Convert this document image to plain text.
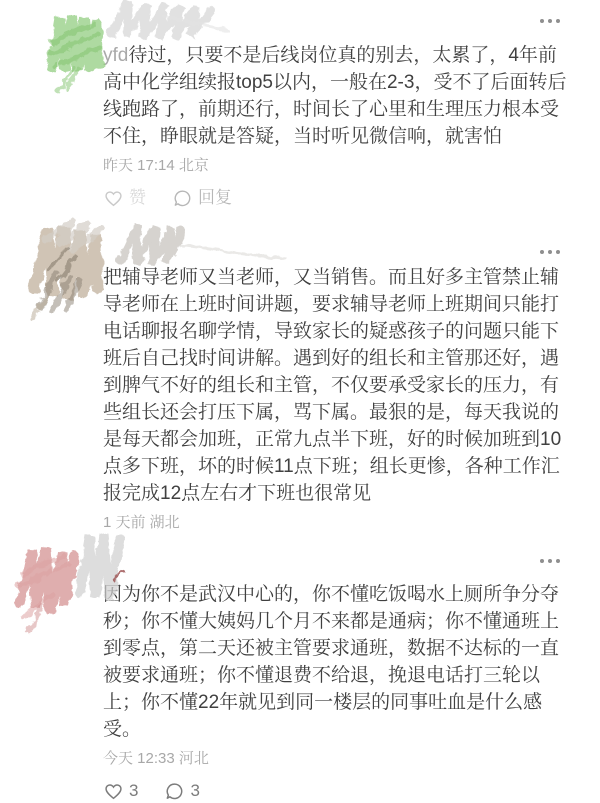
yfd待过，只要不是后线岗位真的别去，太累了，4年前高中化学组续报top5以内，一般在2-3，受不了后面转后线跑路了，前期还行，时间长了心里和生理压力根本受不住，睁眼就是答疑，当时听见微信响，就害怕

昨天 17:14 北京
赞	回复

把辅导老师又当老师，又当销售。而且好多主管禁止辅导老师在上班时间讲题，要求辅导老师上班期间只能打电话聊报名聊学情，导致家长的疑惑孩子的问题只能下班后自己找时间讲解。遇到好的组长和主管那还好，遇到脾气不好的组长和主管，不仅要承受家长的压力，有些组长还会打压下属，骂下属。最狠的是，每天我说的是每天都会加班，正常九点半下班，好的时候加班到10点多下班，坏的时候11点下班；组长更惨，各种工作汇报完成12点左右才下班也很常见

1 天前 湖北

因为你不是武汉中心的，你不懂吃饭喝水上厕所争分夺秒；你不懂大姨妈几个月不来都是通病；你不懂通班上到零点，第二天还被主管要求通班，数据不达标的一直被要求通班；你不懂退费不给退，挽退电话打三轮以上；你不懂22年就见到同一楼层的同事吐血是什么感受。

今天 12:33 河北
3	3
